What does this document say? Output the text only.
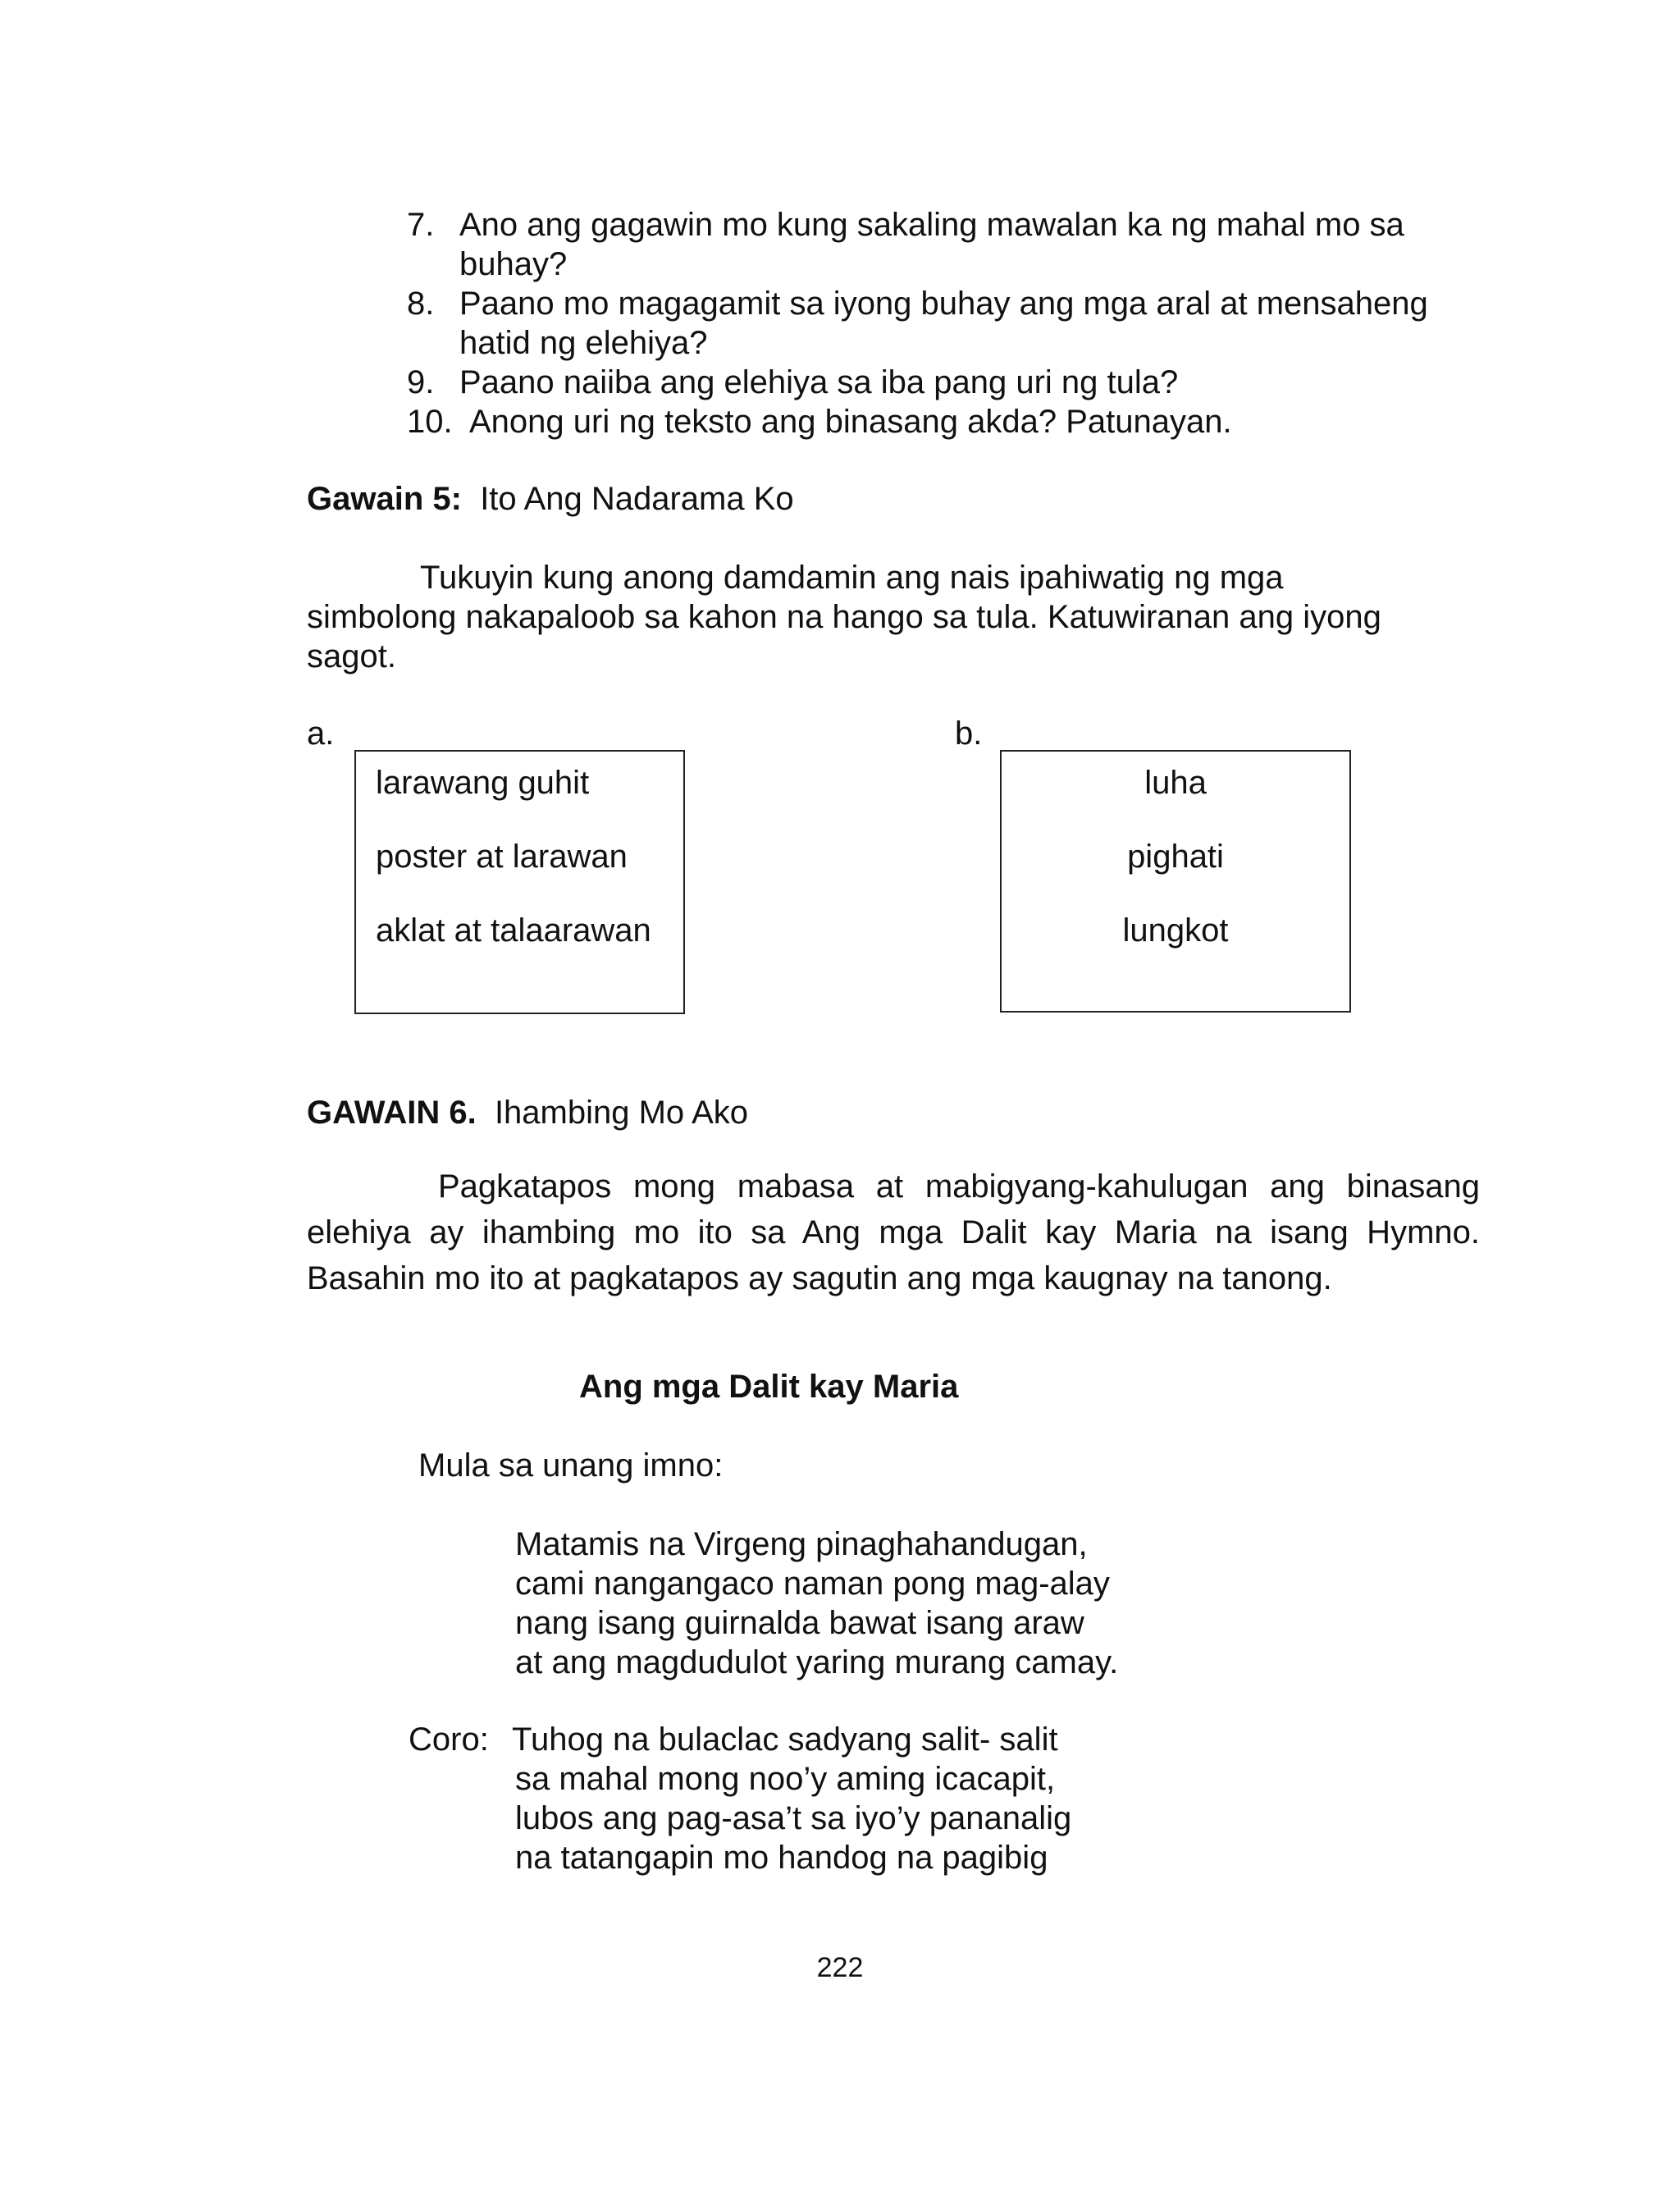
7. Ano ang gagawin mo kung sakaling mawalan ka ng mahal mo sa
buhay?
8. Paano mo magagamit sa iyong buhay ang mga aral at mensaheng
hatid ng elehiya?
9. Paano naiiba ang elehiya sa iba pang uri ng tula?
10. Anong uri ng teksto ang binasang akda? Patunayan.
Gawain 5: Ito Ang Nadarama Ko
Tukuyin kung anong damdamin ang nais ipahiwatig ng mga
simbolong nakapaloob sa kahon na hango sa tula. Katuwiranan ang iyong
sagot.
a.
larawang guhit
poster at larawan
aklat at talaarawan
b.
luha
pighati
lungkot
GAWAIN 6. Ihambing Mo Ako
Pagkatapos mong mabasa at mabigyang-kahulugan ang binasang elehiya ay ihambing mo ito sa Ang mga Dalit kay Maria na isang Hymno. Basahin mo ito at pagkatapos ay sagutin ang mga kaugnay na tanong.
Ang mga Dalit kay Maria
Mula sa unang imno:
Matamis na Virgeng pinaghahandugan,
cami nangangaco naman pong mag-alay
nang isang guirnalda bawat isang araw
at ang magdudulot yaring murang camay.
Coro: Tuhog na bulaclac sadyang salit- salit
sa mahal mong noo’y aming icacapit,
lubos ang pag-asa’t sa iyo’y pananalig
na tatangapin mo handog na pagibig
222
